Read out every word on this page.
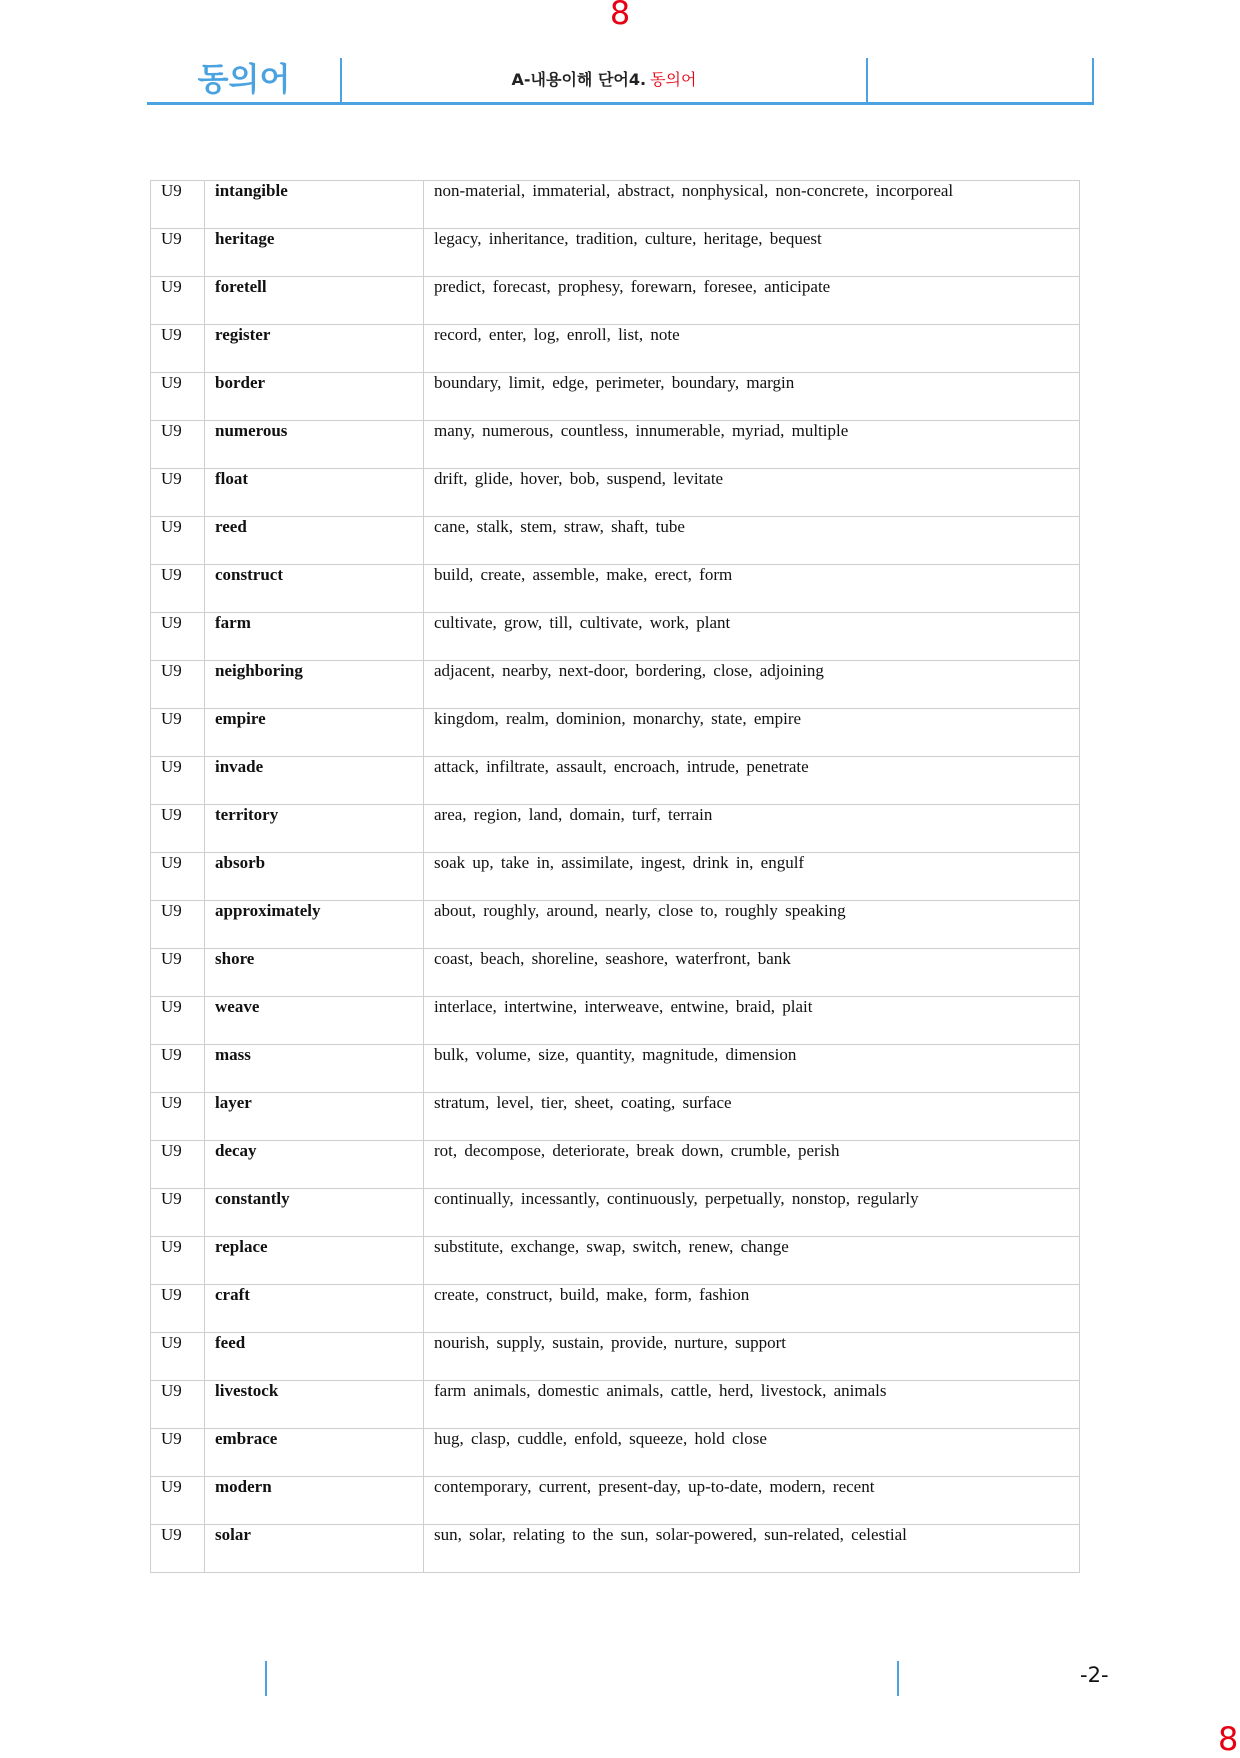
8
동의어	A-내용이해 단어4. 동의어
U9	intangible	non-material, immaterial, abstract, nonphysical, non-concrete, incorporeal

U9	heritage	legacy, inheritance, tradition, culture, heritage, bequest

U9	foretell	predict, forecast, prophesy, forewarn, foresee, anticipate

U9	register	record, enter, log, enroll, list, note

U9	border	boundary, limit, edge, perimeter, boundary, margin

U9	numerous	many, numerous, countless, innumerable, myriad, multiple

U9	float	drift, glide, hover, bob, suspend, levitate

U9	reed	cane, stalk, stem, straw, shaft, tube

U9	construct	build, create, assemble, make, erect, form

U9	farm	cultivate, grow, till, cultivate, work, plant

U9	neighboring	adjacent, nearby, next-door, bordering, close, adjoining

U9	empire	kingdom, realm, dominion, monarchy, state, empire

U9	invade	attack, infiltrate, assault, encroach, intrude, penetrate

U9	territory	area, region, land, domain, turf, terrain

U9	absorb	soak up, take in, assimilate, ingest, drink in, engulf

U9	approximately	about, roughly, around, nearly, close to, roughly speaking

U9	shore	coast, beach, shoreline, seashore, waterfront, bank

U9	weave	interlace, intertwine, interweave, entwine, braid, plait

U9	mass	bulk, volume, size, quantity, magnitude, dimension

U9	layer	stratum, level, tier, sheet, coating, surface

U9	decay	rot, decompose, deteriorate, break down, crumble, perish

U9	constantly	continually, incessantly, continuously, perpetually, nonstop, regularly

U9	replace	substitute, exchange, swap, switch, renew, change

U9	craft	create, construct, build, make, form, fashion

U9	feed	nourish, supply, sustain, provide, nurture, support

U9	livestock	farm animals, domestic animals, cattle, herd, livestock, animals

U9	embrace	hug, clasp, cuddle, enfold, squeeze, hold close

U9	modern	contemporary, current, present-day, up-to-date, modern, recent

U9	solar	sun, solar, relating to the sun, solar-powered, sun-related, celestial
-2-
8
